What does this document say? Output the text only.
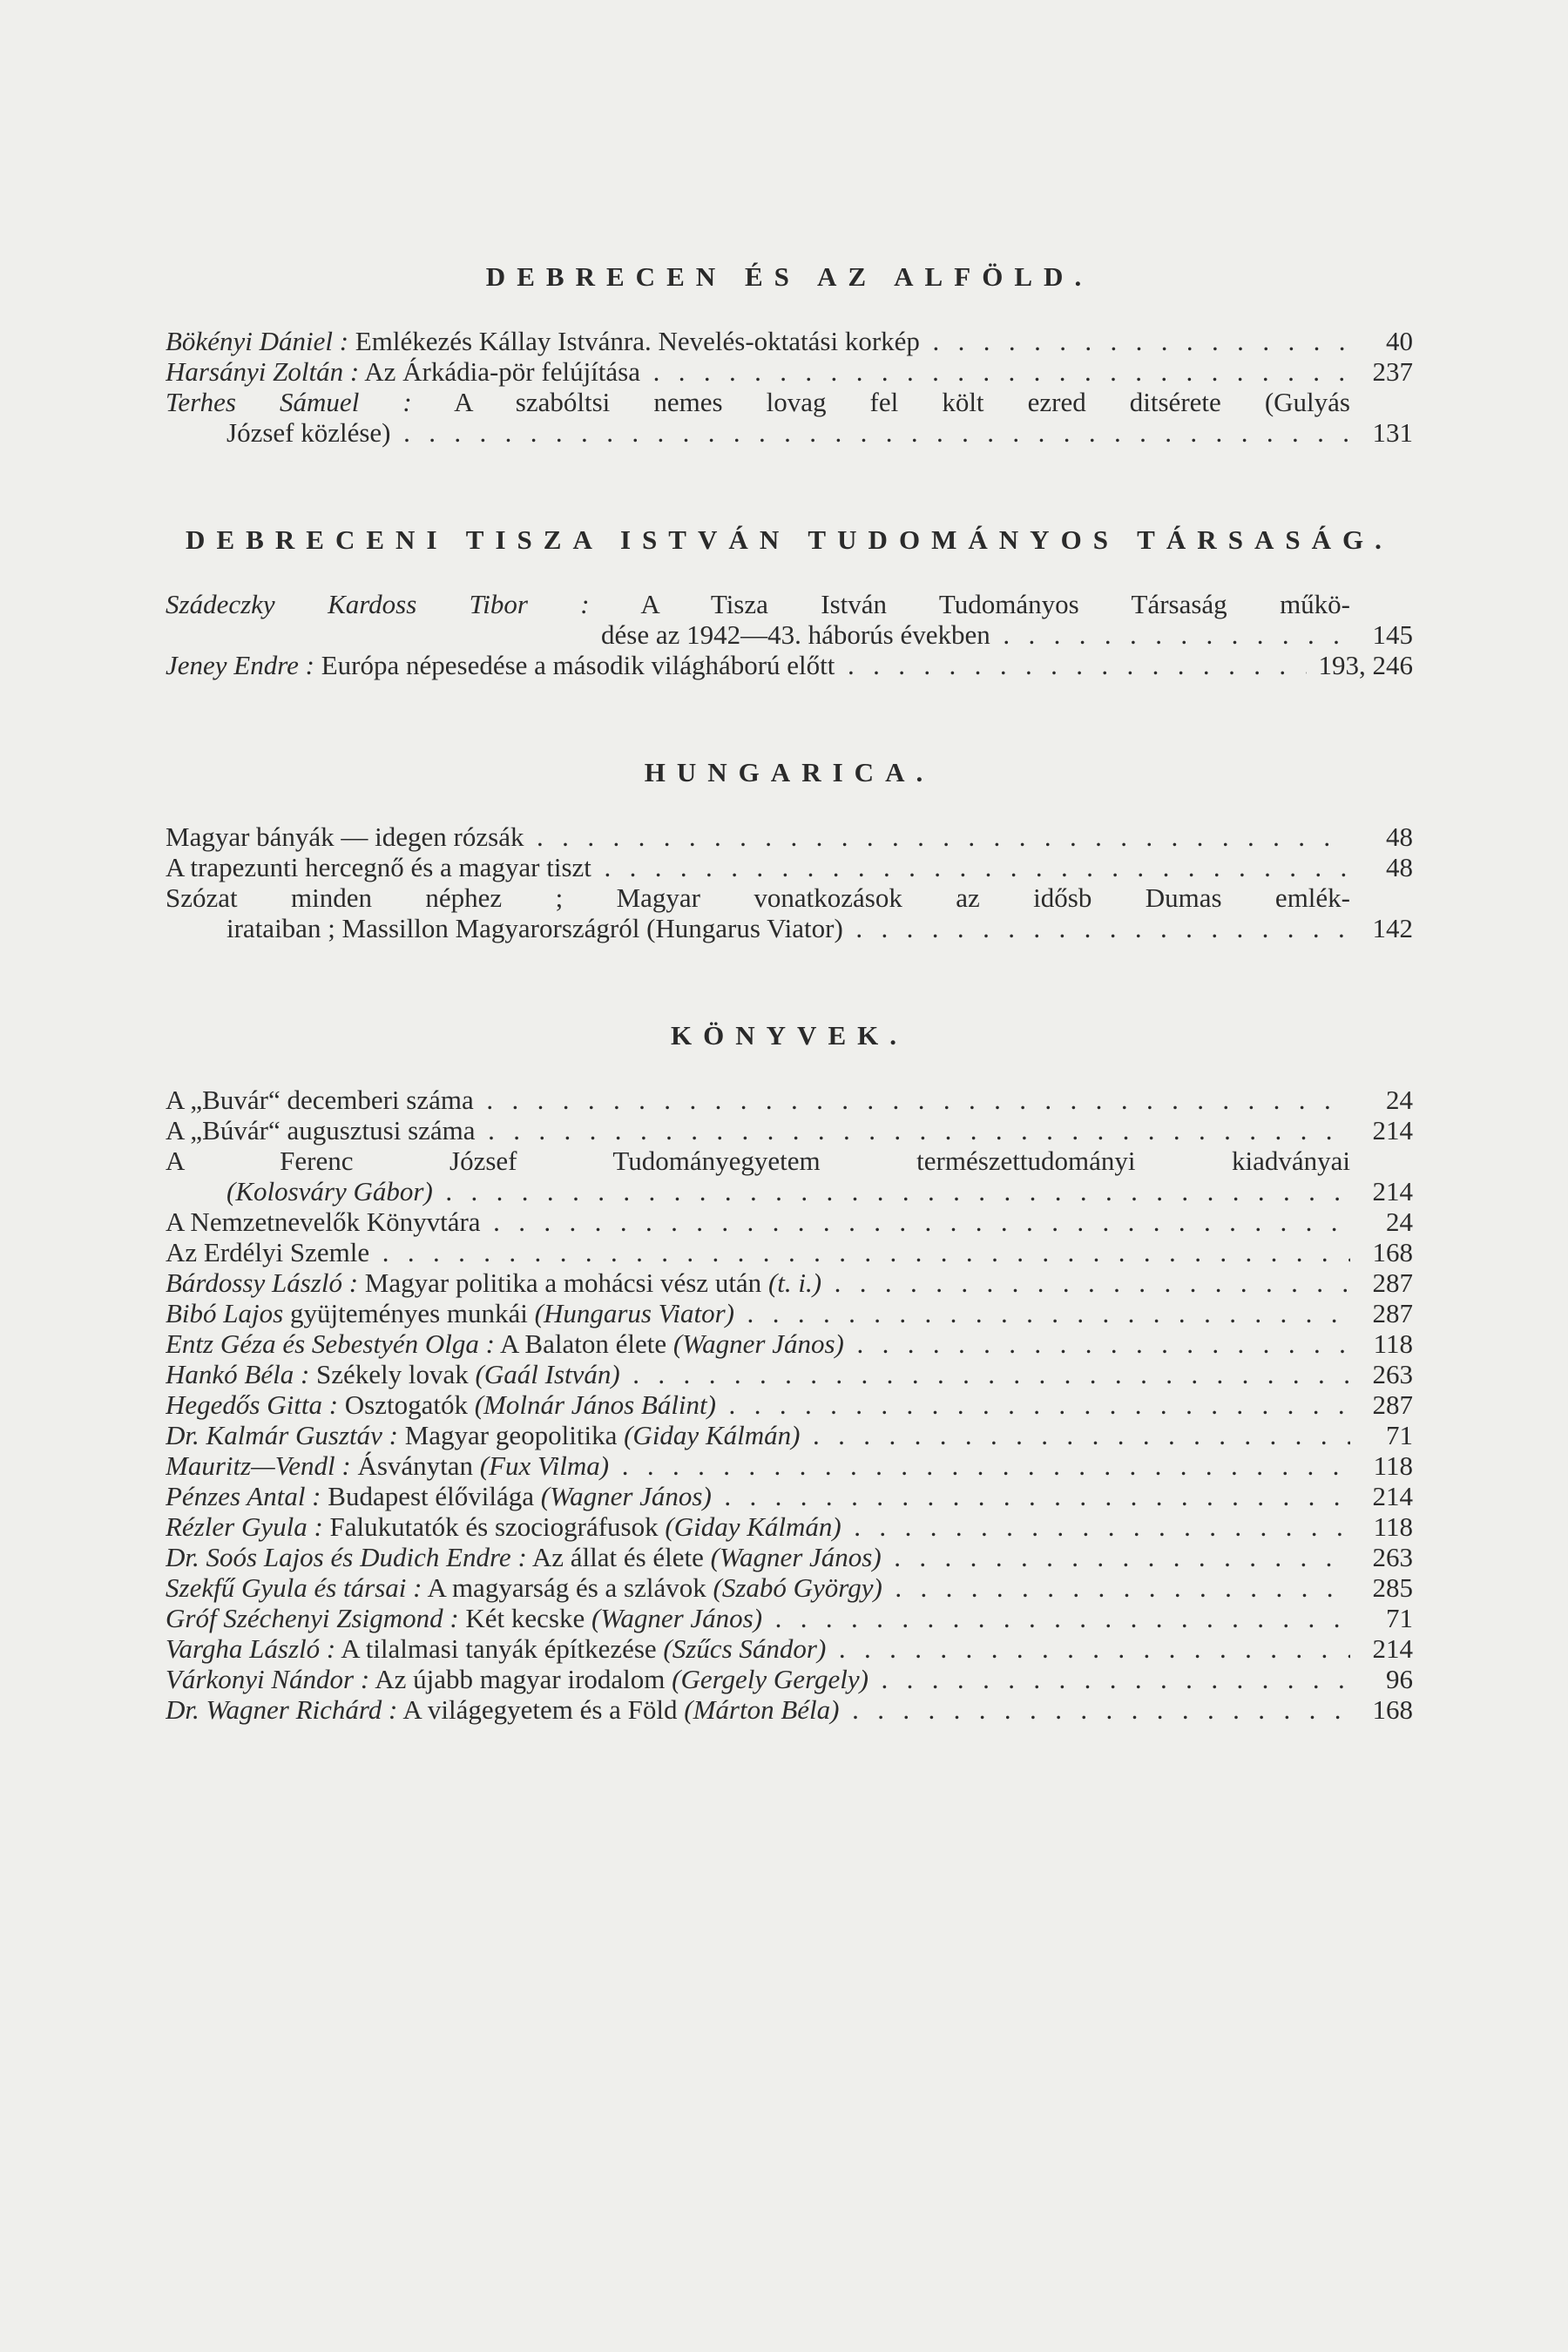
DEBRECEN ÉS AZ ALFÖLD.
Bökényi Dániel : Emlékezés Kállay Istvánra. Nevelés-oktatási korkép . . .	40
Harsányi Zoltán : Az Árkádia-pör felújítása . . .	237
Terhes Sámuel : A szabóltsi nemes lovag fel költ ezred ditsérete (Gulyás
József közlése) . . .	131
DEBRECENI TISZA ISTVÁN TUDOMÁNYOS TÁRSASÁG.
Szádeczky Kardoss Tibor : A Tisza István Tudományos Társaság műkö-
dése az 1942—43. háborús években . . .	145
Jeney Endre : Európa népesedése a második világháború előtt . . .	193, 246
HUNGARICA.
Magyar bányák — idegen rózsák . . .	48
A trapezunti hercegnő és a magyar tiszt . . .	48
Szózat minden néphez ; Magyar vonatkozások az idősb Dumas emlék-
irataiban ; Massillon Magyarországról (Hungarus Viator) . . .	142
KÖNYVEK.
A „Buvár“ decemberi száma . . .	24
A „Búvár“ augusztusi száma . . .	214
A Ferenc József Tudományegyetem természettudományi kiadványai
(Kolosváry Gábor) . . .	214
A Nemzetnevelők Könyvtára . . .	24
Az Erdélyi Szemle . . .	168
Bárdossy László : Magyar politika a mohácsi vész után (t. i.) . . .	287
Bibó Lajos gyüjteményes munkái (Hungarus Viator) . . .	287
Entz Géza és Sebestyén Olga : A Balaton élete (Wagner János) . . .	118
Hankó Béla : Székely lovak (Gaál István) . . .	263
Hegedős Gitta : Osztogatók (Molnár János Bálint) . . .	287
Dr. Kalmár Gusztáv : Magyar geopolitika (Giday Kálmán) . . .	71
Mauritz—Vendl : Ásványtan (Fux Vilma) . . .	118
Pénzes Antal : Budapest élővilága (Wagner János) . . .	214
Rézler Gyula : Falukutatók és szociográfusok (Giday Kálmán) . . .	118
Dr. Soós Lajos és Dudich Endre : Az állat és élete (Wagner János) . . .	263
Szekfű Gyula és társai : A magyarság és a szlávok (Szabó György) . . .	285
Gróf Széchenyi Zsigmond : Két kecske (Wagner János) . . .	71
Vargha László : A tilalmasi tanyák építkezése (Szűcs Sándor) . . .	214
Várkonyi Nándor : Az újabb magyar irodalom (Gergely Gergely) . . .	96
Dr. Wagner Richárd : A világegyetem és a Föld (Márton Béla) . . .	168
